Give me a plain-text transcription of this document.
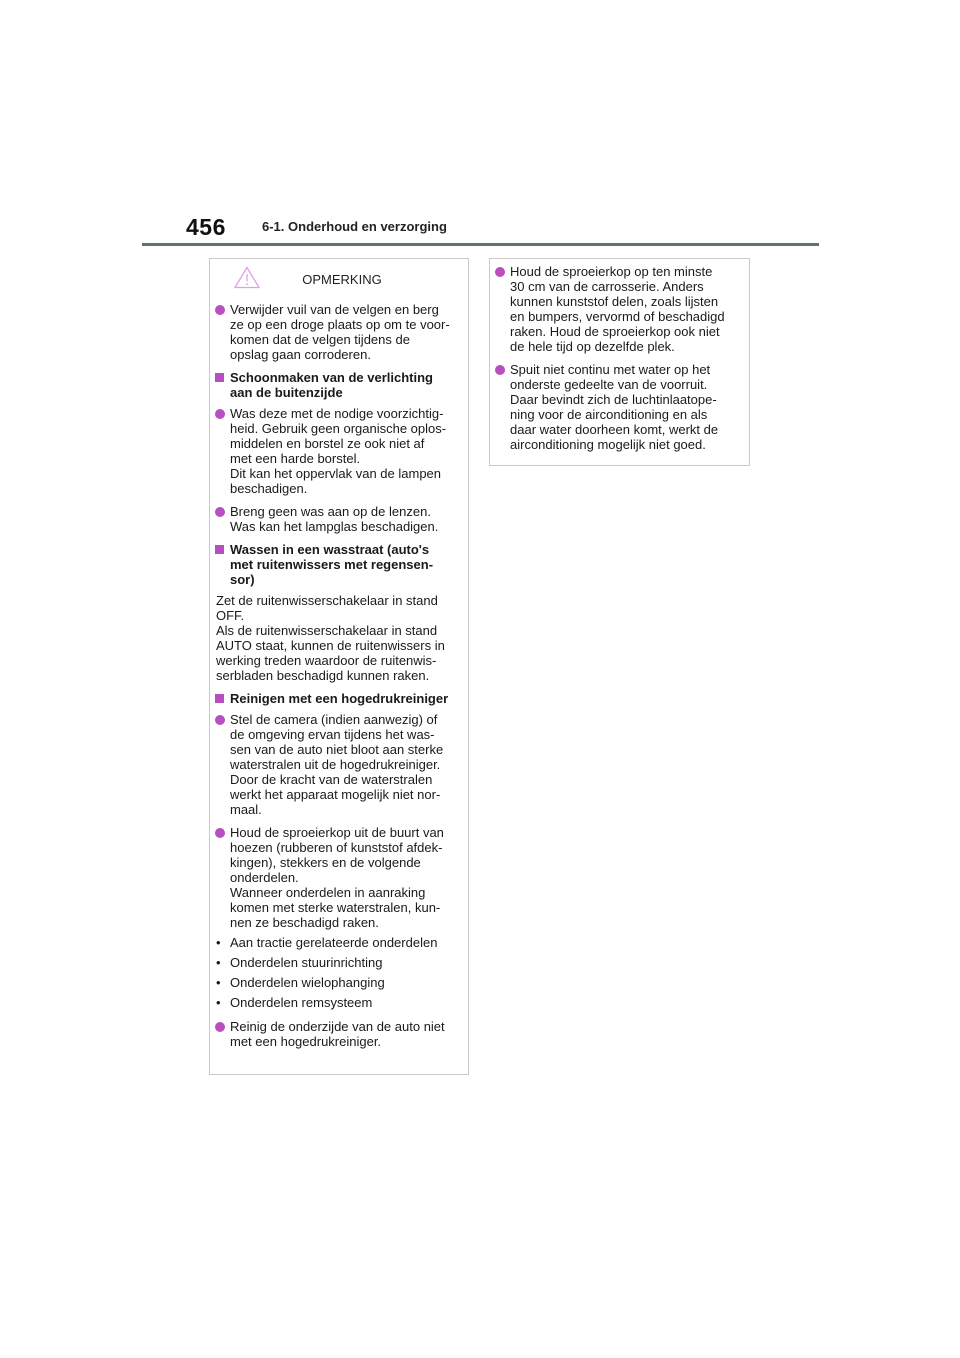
456	6-1. Onderhoud en verzorging
OPMERKING
Verwijder vuil van de velgen en berg
ze op een droge plaats op om te voor-
komen dat de velgen tijdens de
opslag gaan corroderen.
Schoonmaken van de verlichting
aan de buitenzijde
Was deze met de nodige voorzichtig-
heid. Gebruik geen organische oplos-
middelen en borstel ze ook niet af
met een harde borstel.
Dit kan het oppervlak van de lampen
beschadigen.
Breng geen was aan op de lenzen.
Was kan het lampglas beschadigen.
Wassen in een wasstraat (auto's
met ruitenwissers met regensen-
sor)
Zet de ruitenwisserschakelaar in stand
OFF.
Als de ruitenwisserschakelaar in stand
AUTO staat, kunnen de ruitenwissers in
werking treden waardoor de ruitenwis-
serbladen beschadigd kunnen raken.
Reinigen met een hogedrukreiniger
Stel de camera (indien aanwezig) of
de omgeving ervan tijdens het was-
sen van de auto niet bloot aan sterke
waterstralen uit de hogedrukreiniger.
Door de kracht van de waterstralen
werkt het apparaat mogelijk niet nor-
maal.
Houd de sproeierkop uit de buurt van
hoezen (rubberen of kunststof afdek-
kingen), stekkers en de volgende
onderdelen.
Wanneer onderdelen in aanraking
komen met sterke waterstralen, kun-
nen ze beschadigd raken.
• Aan tractie gerelateerde onderdelen
• Onderdelen stuurinrichting
• Onderdelen wielophanging
• Onderdelen remsysteem
Reinig de onderzijde van de auto niet
met een hogedrukreiniger.
Houd de sproeierkop op ten minste
30 cm van de carrosserie. Anders
kunnen kunststof delen, zoals lijsten
en bumpers, vervormd of beschadigd
raken. Houd de sproeierkop ook niet
de hele tijd op dezelfde plek.
Spuit niet continu met water op het
onderste gedeelte van de voorruit.
Daar bevindt zich de luchtinlaatope-
ning voor de airconditioning en als
daar water doorheen komt, werkt de
airconditioning mogelijk niet goed.
